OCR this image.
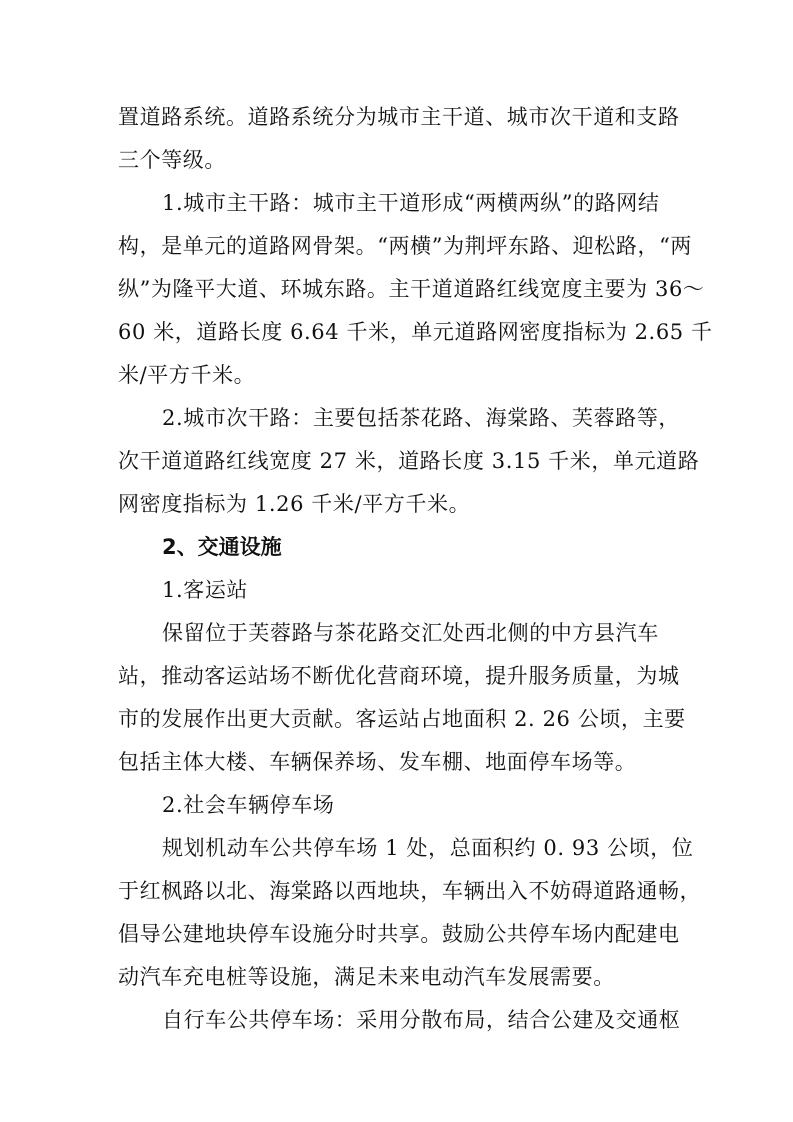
置道路系统。道路系统分为城市主干道、城市次干道和支路
三个等级。
1.城市主干路：城市主干道形成“两横两纵”的路网结
构，是单元的道路网骨架。“两横”为荆坪东路、迎松路，“两
纵”为隆平大道、环城东路。主干道道路红线宽度主要为 36～
60 米，道路长度 6.64 千米，单元道路网密度指标为 2.65 千
米/平方千米。
2.城市次干路：主要包括茶花路、海棠路、芙蓉路等，
次干道道路红线宽度 27 米，道路长度 3.15 千米，单元道路
网密度指标为 1.26 千米/平方千米。
2、交通设施
1.客运站
保留位于芙蓉路与茶花路交汇处西北侧的中方县汽车
站，推动客运站场不断优化营商环境，提升服务质量，为城
市的发展作出更大贡献。客运站占地面积 2. 26 公顷，主要
包括主体大楼、车辆保养场、发车棚、地面停车场等。
2.社会车辆停车场
规划机动车公共停车场 1 处，总面积约 0. 93 公顷，位
于红枫路以北、海棠路以西地块，车辆出入不妨碍道路通畅，
倡导公建地块停车设施分时共享。鼓励公共停车场内配建电
动汽车充电桩等设施，满足未来电动汽车发展需要。
自行车公共停车场：采用分散布局，结合公建及交通枢
